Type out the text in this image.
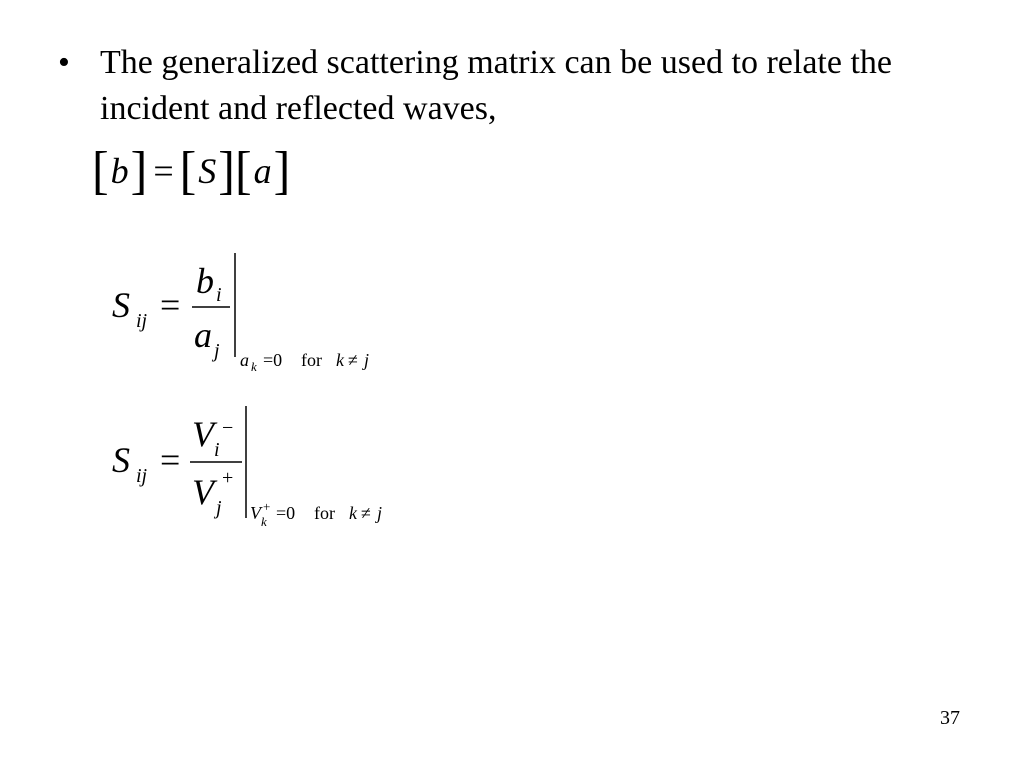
• The generalized scattering matrix can be used to relate the incident and reflected waves,
[b] = [S][a]
S ij =
b i
a j a k =0 for k ≠ j
S ij =
V i
−
V j
+
V k
+ =0 for k ≠ j
37
